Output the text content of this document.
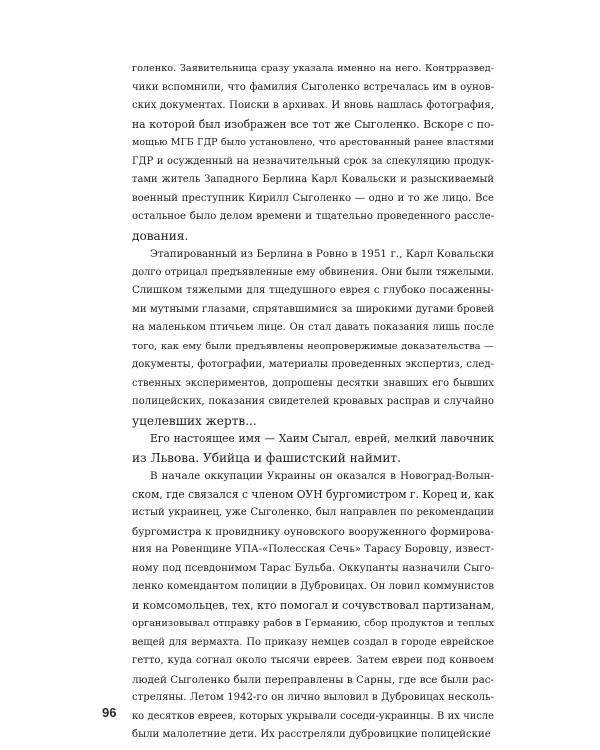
голенко. Заявительница сразу указала именно на него. Контрразвед-
чики вспомнили, что фамилия Сыголенко встречалась им в оунов-
ских документах. Поиски в архивах. И вновь нашлась фотография,
на которой был изображен все тот же Сыголенко. Вскоре с по-
мощью МГБ ГДР было установлено, что арестованный ранее властями
ГДР и осужденный на незначительный срок за спекуляцию продук-
тами житель Западного Берлина Карл Ковальски и разыскиваемый
военный преступник Кирилл Сыголенко — одно и то же лицо. Все
остальное было делом времени и тщательно проведенного рассле-
дования.
Этапированный из Берлина в Ровно в 1951 г., Карл Ковальски
долго отрицал предъявленные ему обвинения. Они были тяжелыми.
Слишком тяжелыми для тщедушного еврея с глубоко посаженны-
ми мутными глазами, спрятавшимися за широкими дугами бровей
на маленьком птичьем лице. Он стал давать показания лишь после
того, как ему были предъявлены неопровержимые доказательства —
документы, фотографии, материалы проведенных экспертиз, след-
ственных экспериментов, допрошены десятки знавших его бывших
полицейских, показания свидетелей кровавых расправ и случайно
уцелевших жертв...
Его настоящее имя — Хаим Сыгал, еврей, мелкий лавочник
из Львова. Убийца и фашистский наймит.
В начале оккупации Украины он оказался в Новоград-Волын-
ском, где связался с членом ОУН бургомистром г. Корец и, как
истый украинец, уже Сыголенко, был направлен по рекомендации
бургомистра к провиднику оуновского вооруженного формирова-
ния на Ровенщине УПА-«Полесская Сечь» Тарасу Боровцу, извест-
ному под псевдонимом Тарас Бульба. Оккупанты назначили Сыго-
ленко комендантом полиции в Дубровицах. Он ловил коммунистов
и комсомольцев, тех, кто помогал и сочувствовал партизанам,
организовывал отправку рабов в Германию, сбор продуктов и теплых
вещей для вермахта. По приказу немцев создал в городе еврейское
гетто, куда согнал около тысячи евреев. Затем евреи под конвоем
людей Сыголенко были переправлены в Сарны, где все были рас-
стреляны. Летом 1942-го он лично выловил в Дубровицах несколь-
ко десятков евреев, которых укрывали соседи-украинцы. В их числе
были малолетние дети. Их расстреляли дубровицкие полицейские
96
